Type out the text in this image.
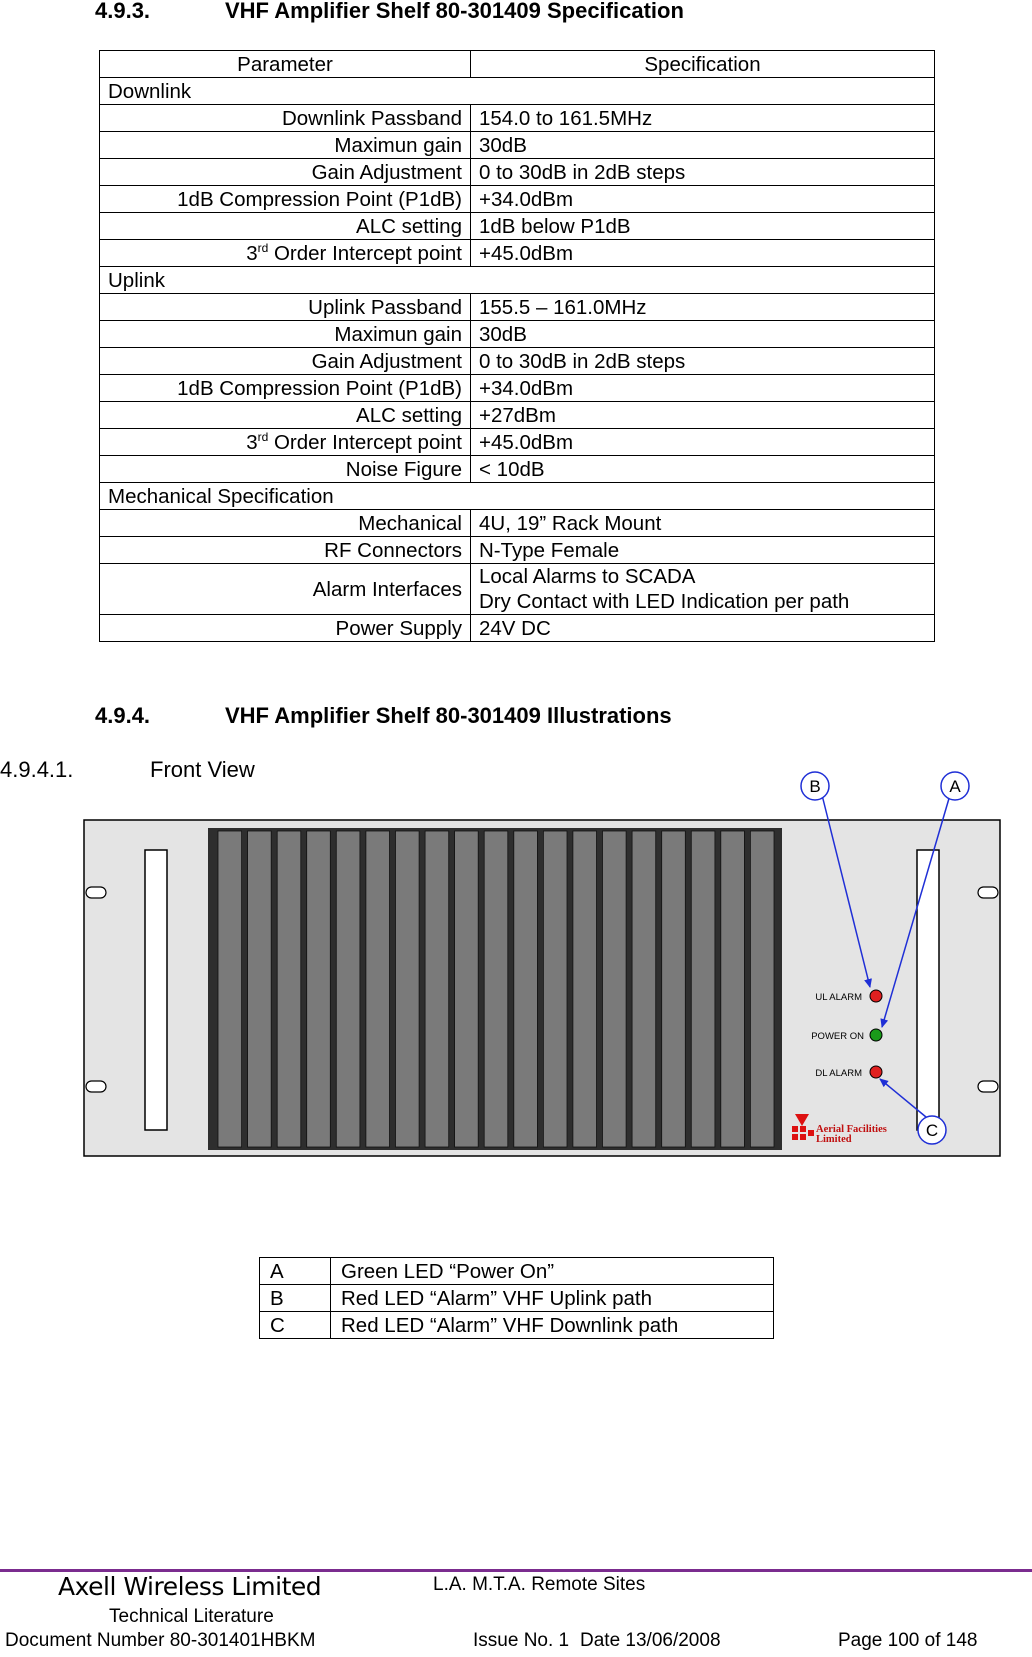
4.9.3.	VHF Amplifier Shelf 80-301409 Specification
Parameter	Specification
Downlink	
Downlink Passband	154.0 to 161.5MHz
Maximun gain	30dB
Gain Adjustment	0 to 30dB in 2dB steps
1dB Compression Point (P1dB)	+34.0dBm
ALC setting	1dB below P1dB
3rd Order Intercept point	+45.0dBm
Uplink	
Uplink Passband	155.5 – 161.0MHz
Maximun gain	30dB
Gain Adjustment	0 to 30dB in 2dB steps
1dB Compression Point (P1dB)	+34.0dBm
ALC setting	+27dBm
3rd Order Intercept point	+45.0dBm
Noise Figure	< 10dB
Mechanical Specification	
Mechanical	4U, 19” Rack Mount
RF Connectors	N-Type Female
Alarm Interfaces	Local Alarms to SCADA
Dry Contact with LED Indication per path

Power Supply	24V DC
4.9.4.	VHF Amplifier Shelf 80-301409 Illustrations
4.9.4.1.	Front View
UL ALARM
POWER ON
DL ALARM
Aerial Facilities
Limited
B	A
C
A	Green LED “Power On”
B	Red LED “Alarm” VHF Uplink path
C	Red LED “Alarm” VHF Downlink path
Axell Wireless Limited	L.A. M.T.A. Remote Sites
Technical Literature
Document Number 80-301401HBKM	Issue No. 1 Date 13/06/2008	Page 100 of 148
